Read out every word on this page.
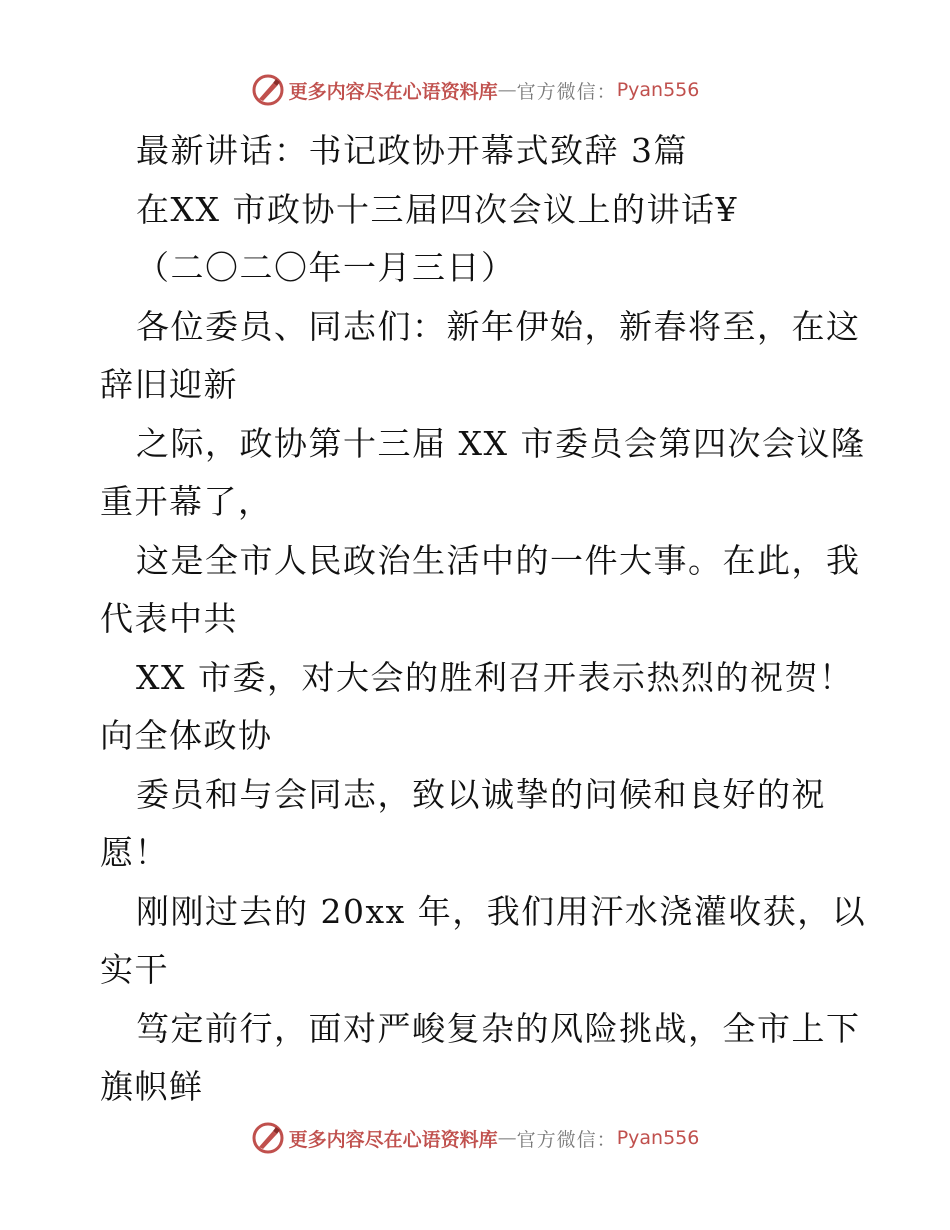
更多内容尽在心语资料库 — 官方微信： Pyan556
最新讲话：书记政协开幕式致辞 3篇
在XX 市政协十三届四次会议上的讲话¥
（二〇二〇年一月三日）
各位委员、同志们：新年伊始，新春将至，在这
辞旧迎新
之际，政协第十三届 XX 市委员会第四次会议隆
重开幕了，
这是全市人民政治生活中的一件大事。在此，我
代表中共
XX 市委，对大会的胜利召开表示热烈的祝贺！
向全体政协
委员和与会同志，致以诚挚的问候和良好的祝
愿！
刚刚过去的 20xx 年，我们用汗水浇灌收获，以
实干
笃定前行，面对严峻复杂的风险挑战，全市上下
旗帜鲜
更多内容尽在心语资料库 — 官方微信： Pyan556
